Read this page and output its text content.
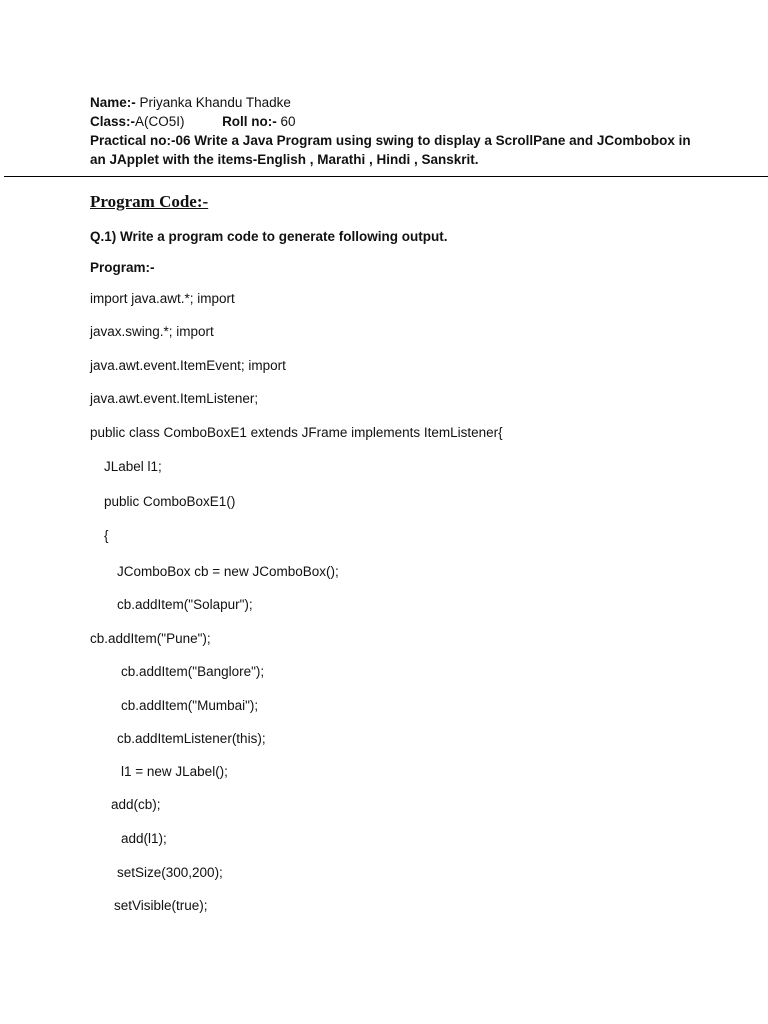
Name:- Priyanka Khandu Thadke
Class:-A(CO5I)	Roll no:- 60
Practical no:-06 Write a Java Program using swing to display a ScrollPane and JCombobox in
an JApplet with the items-English , Marathi , Hindi , Sanskrit.
Program Code:-
Q.1) Write a program code to generate following output.
Program:-
import java.awt.*; import
javax.swing.*; import
java.awt.event.ItemEvent; import
java.awt.event.ItemListener;
public class ComboBoxE1 extends JFrame implements ItemListener{
JLabel l1;
public ComboBoxE1()
{
JComboBox cb = new JComboBox();
cb.addItem("Solapur");
cb.addItem("Pune");
cb.addItem("Banglore");
cb.addItem("Mumbai");
cb.addItemListener(this);
l1 = new JLabel();
add(cb);
add(l1);
setSize(300,200);
setVisible(true);
